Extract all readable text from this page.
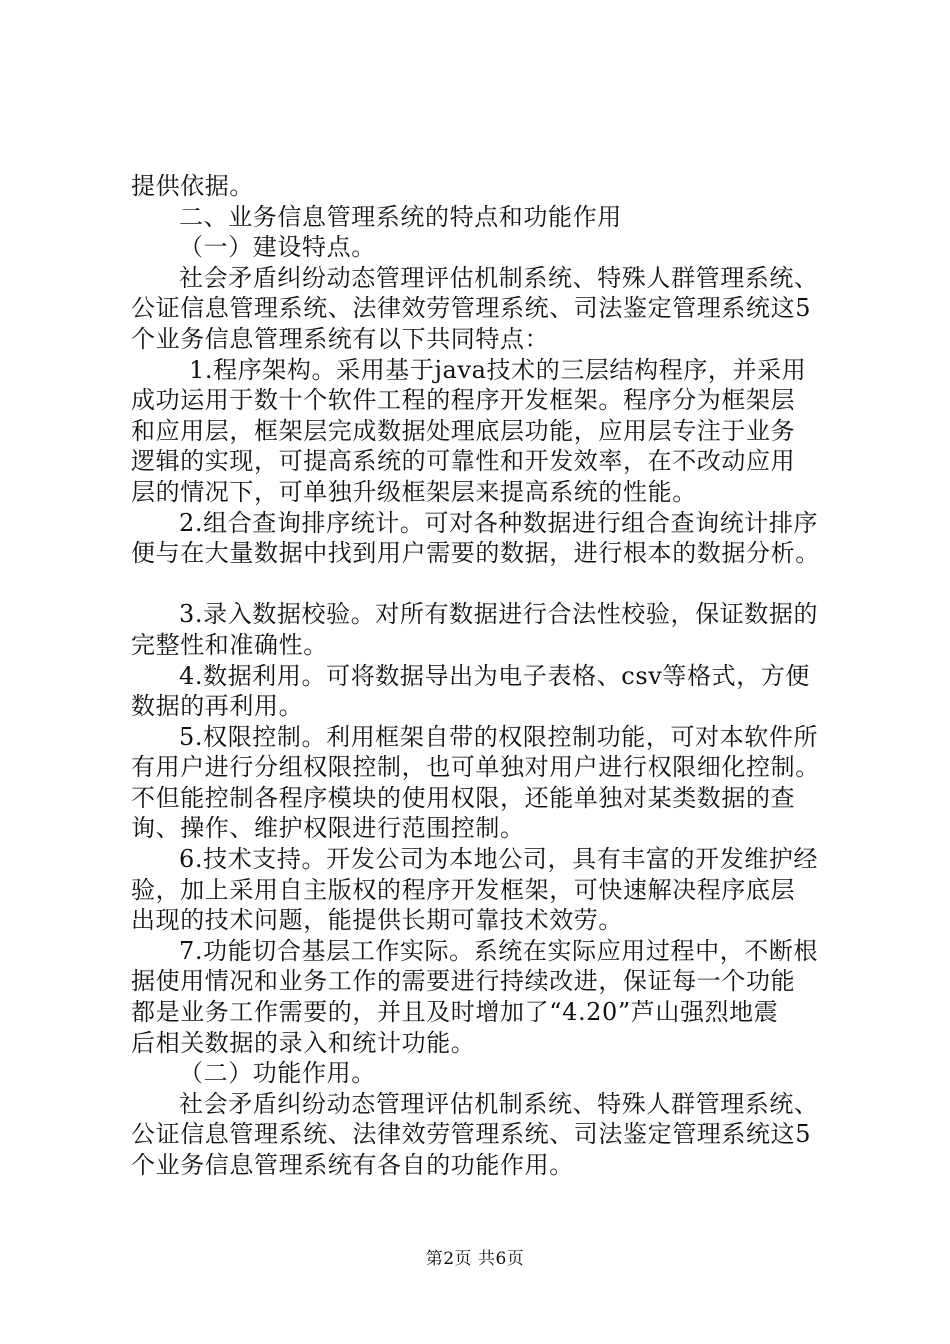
提供依据。
二、业务信息管理系统的特点和功能作用
（一）建设特点。
社会矛盾纠纷动态管理评估机制系统、特殊人群管理系统、
公证信息管理系统、法律效劳管理系统、司法鉴定管理系统这5
个业务信息管理系统有以下共同特点：
1.程序架构。采用基于java技术的三层结构程序，并采用
成功运用于数十个软件工程的程序开发框架。程序分为框架层
和应用层，框架层完成数据处理底层功能，应用层专注于业务
逻辑的实现，可提高系统的可靠性和开发效率，在不改动应用
层的情况下，可单独升级框架层来提高系统的性能。
2.组合查询排序统计。可对各种数据进行组合查询统计排序
便与在大量数据中找到用户需要的数据，进行根本的数据分析。
3.录入数据校验。对所有数据进行合法性校验，保证数据的
完整性和准确性。
4.数据利用。可将数据导出为电子表格、csv等格式，方便
数据的再利用。
5.权限控制。利用框架自带的权限控制功能，可对本软件所
有用户进行分组权限控制，也可单独对用户进行权限细化控制。
不但能控制各程序模块的使用权限，还能单独对某类数据的查
询、操作、维护权限进行范围控制。
6.技术支持。开发公司为本地公司，具有丰富的开发维护经
验，加上采用自主版权的程序开发框架，可快速解决程序底层
出现的技术问题，能提供长期可靠技术效劳。
7.功能切合基层工作实际。系统在实际应用过程中，不断根
据使用情况和业务工作的需要进行持续改进，保证每一个功能
都是业务工作需要的，并且及时增加了“4.20”芦山强烈地震
后相关数据的录入和统计功能。
（二）功能作用。
社会矛盾纠纷动态管理评估机制系统、特殊人群管理系统、
公证信息管理系统、法律效劳管理系统、司法鉴定管理系统这5
个业务信息管理系统有各自的功能作用。
第2页 共6页
